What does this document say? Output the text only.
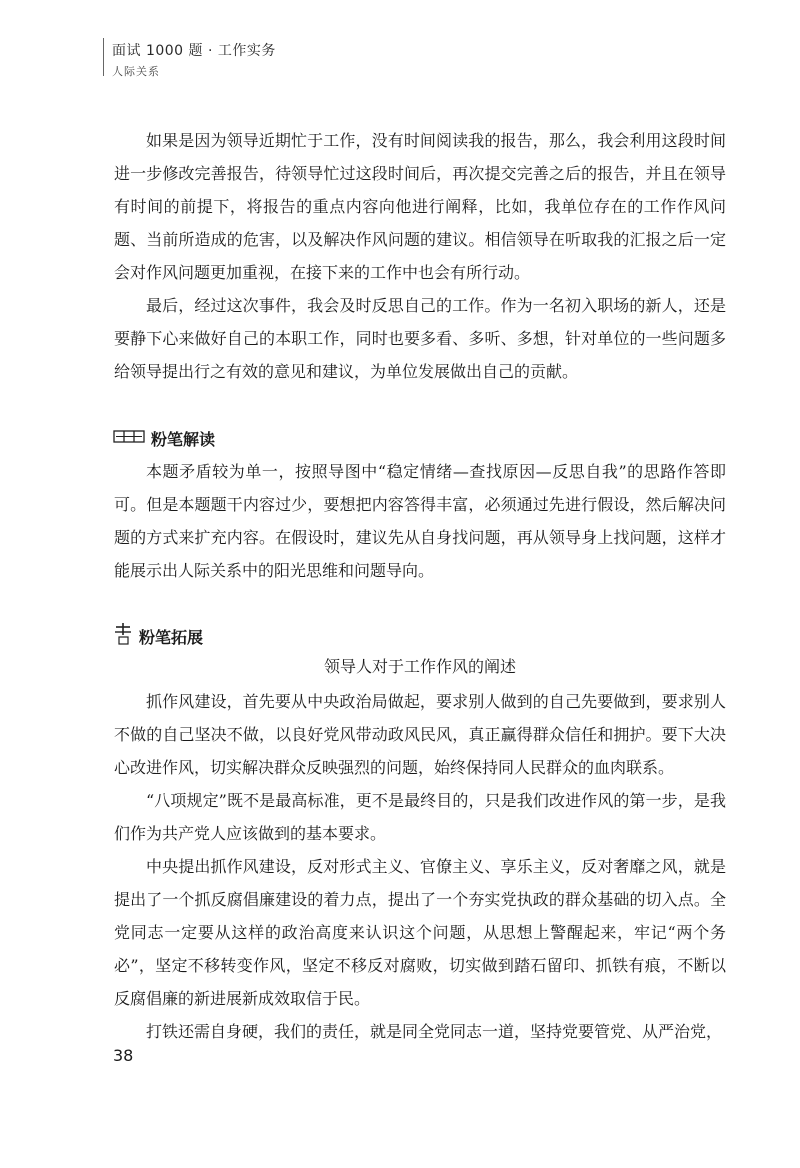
面试 1000 题 · 工作实务
人际关系

如果是因为领导近期忙于工作，没有时间阅读我的报告，那么，我会利用这段时间进一步修改完善报告，待领导忙过这段时间后，再次提交完善之后的报告，并且在领导有时间的前提下，将报告的重点内容向他进行阐释，比如，我单位存在的工作作风问题、当前所造成的危害，以及解决作风问题的建议。相信领导在听取我的汇报之后一定会对作风问题更加重视，在接下来的工作中也会有所行动。

最后，经过这次事件，我会及时反思自己的工作。作为一名初入职场的新人，还是要静下心来做好自己的本职工作，同时也要多看、多听、多想，针对单位的一些问题多给领导提出行之有效的意见和建议，为单位发展做出自己的贡献。

粉笔解读

本题矛盾较为单一，按照导图中“稳定情绪—查找原因—反思自我”的思路作答即可。但是本题题干内容过少，要想把内容答得丰富，必须通过先进行假设，然后解决问题的方式来扩充内容。在假设时，建议先从自身找问题，再从领导身上找问题，这样才能展示出人际关系中的阳光思维和问题导向。

粉笔拓展
领导人对于工作作风的阐述

抓作风建设，首先要从中央政治局做起，要求别人做到的自己先要做到，要求别人不做的自己坚决不做，以良好党风带动政风民风，真正赢得群众信任和拥护。要下大决心改进作风，切实解决群众反映强烈的问题，始终保持同人民群众的血肉联系。

“八项规定”既不是最高标准，更不是最终目的，只是我们改进作风的第一步，是我们作为共产党人应该做到的基本要求。

中央提出抓作风建设，反对形式主义、官僚主义、享乐主义，反对奢靡之风，就是提出了一个抓反腐倡廉建设的着力点，提出了一个夯实党执政的群众基础的切入点。全党同志一定要从这样的政治高度来认识这个问题，从思想上警醒起来，牢记“两个务必”，坚定不移转变作风，坚定不移反对腐败，切实做到踏石留印、抓铁有痕，不断以反腐倡廉的新进展新成效取信于民。

打铁还需自身硬，我们的责任，就是同全党同志一道，坚持党要管党、从严治党，

38
